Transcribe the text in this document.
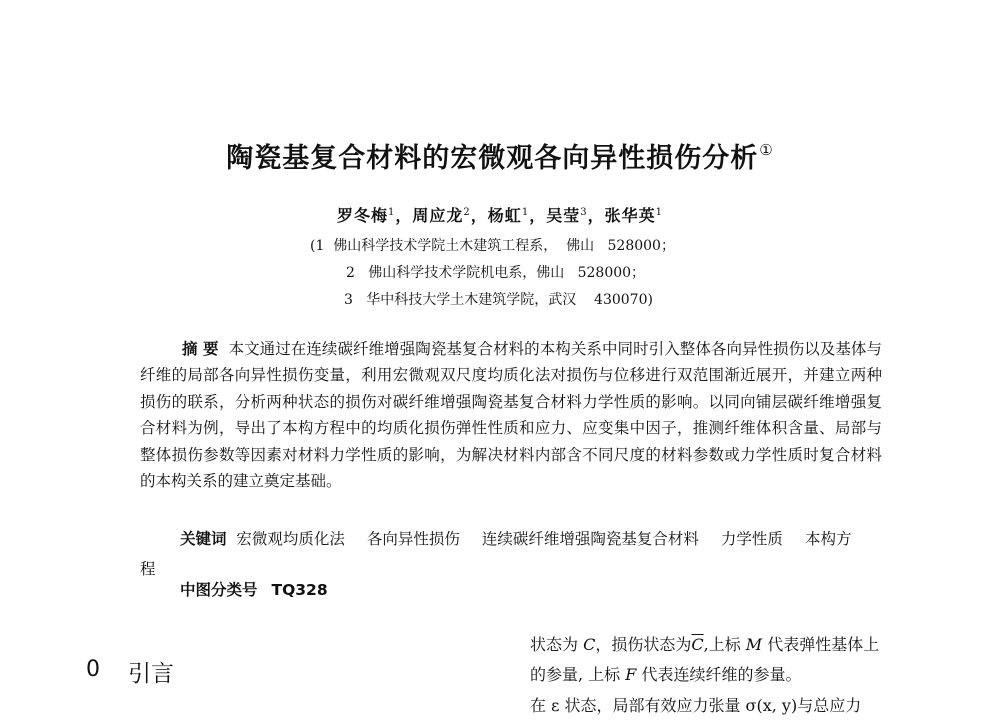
陶瓷基复合材料的宏微观各向异性损伤分析①
罗冬梅$^1$，周应龙$^2$，杨虹$^1$，吴莹$^3$，张华英$^1$
(1  佛山科学技术学院土木建筑工程系，  佛山   528000；
2   佛山科学技术学院机电系，佛山   528000；
3   华中科技大学土木建筑学院，武汉    430070)

摘 要 本文通过在连续碳纤维增强陶瓷基复合材料的本构关系中同时引入整体各向异性损伤以及基体与纤维的局部各向异性损伤变量，利用宏微观双尺度均质化法对损伤与位移进行双范围渐近展开，并建立两种损伤的联系，分析两种状态的损伤对碳纤维增强陶瓷基复合材料力学性质的影响。以同向铺层碳纤维增强复合材料为例，导出了本构方程中的均质化损伤弹性性质和应力、应变集中因子，推测纤维体积含量、局部与整体损伤参数等因素对材料力学性质的影响，为解决材料内部含不同尺度的材料参数或力学性质时复合材料的本构关系的建立奠定基础。

关键词 宏微观均质化法 各向异性损伤 连续碳纤维增强陶瓷基复合材料 力学性质 本构方程

中图分类号 TQ328
0 引言

状态为 C，损伤状态为$\overline{C}$,上标 M 代表弹性基体上

的参量, 上标 F 代表连续纤维的参量。

在 ε 状态，局部有效应力张量 σ(x, y)与总应力
